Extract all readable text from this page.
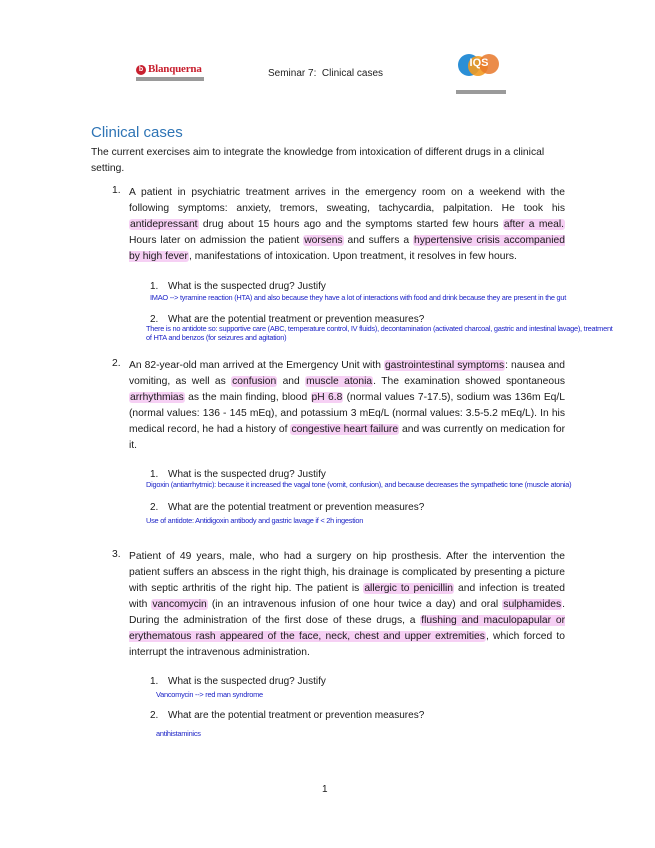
b Blanquerna	Seminar 7:  Clinical cases
IQS
Clinical cases
The current exercises aim to integrate the knowledge from intoxication of different drugs in a clinical setting.
1. A patient in psychiatric treatment arrives in the emergency room on a weekend with the following symptoms: anxiety, tremors, sweating, tachycardia, palpitation. He took his antidepressant drug about 15 hours ago and the symptoms started few hours after a meal. Hours later on admission the patient worsens and suffers a hypertensive crisis accompanied by high fever, manifestations of intoxication. Upon treatment, it resolves in few hours.
1. What is the suspected drug? Justify
IMAO --> tyramine reaction (HTA) and also because they have a lot of interactions with food and drink because they are present in the gut
2. What are the potential treatment or prevention measures?
There is no antidote so: supportive care (ABC, temperature control, IV fluids), decontamination (activated charcoal, gastric and intestinal lavage), treatment of HTA and benzos (for seizures and agitation)
2. An 82-year-old man arrived at the Emergency Unit with gastrointestinal symptoms: nausea and vomiting, as well as confusion and muscle atonia. The examination showed spontaneous arrhythmias as the main finding, blood pH 6.8 (normal values 7-17.5), sodium was 136m Eq/L (normal values: 136 - 145 mEq), and potassium 3 mEq/L (normal values: 3.5-5.2 mEq/L). In his medical record, he had a history of congestive heart failure and was currently on medication for it.
1. What is the suspected drug? Justify
Digoxin (antiarrhytmic): because it increased the vagal tone (vomit, confusion), and because decreases the sympathetic tone (muscle atonia)
2. What are the potential treatment or prevention measures?
Use of antidote: Antidigoxin antibody and gastric lavage if < 2h ingestion
3. Patient of 49 years, male, who had a surgery on hip prosthesis. After the intervention the patient suffers an abscess in the right thigh, his drainage is complicated by presenting a picture with septic arthritis of the right hip. The patient is allergic to penicillin and infection is treated with vancomycin (in an intravenous infusion of one hour twice a day) and oral sulphamides. During the administration of the first dose of these drugs, a flushing and maculopapular or erythematous rash appeared of the face, neck, chest and upper extremities, which forced to interrupt the intravenous administration.
1. What is the suspected drug? Justify
Vancomycin --> red man syndrome
2. What are the potential treatment or prevention measures?
antihistaminics
1
